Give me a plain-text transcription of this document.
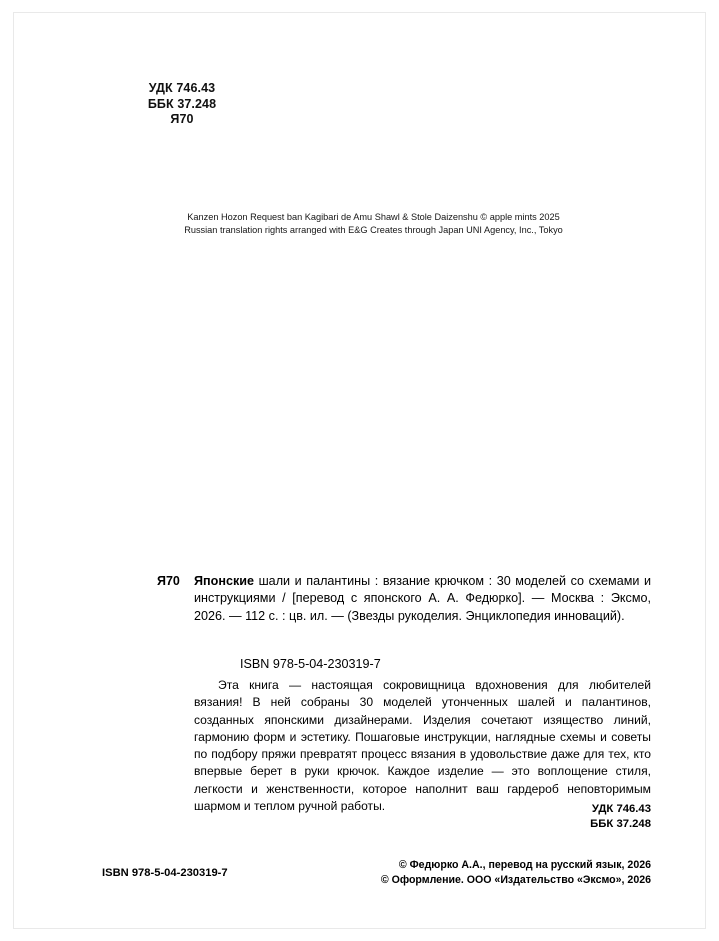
УДК 746.43
ББК 37.248
Я70
Kanzen Hozon Request ban Kagibari de Amu Shawl & Stole Daizenshu © apple mints 2025
Russian translation rights arranged with E&G Creates through Japan UNI Agency, Inc., Tokyo
Я70	Японские шали и палантины : вязание крючком : 30 моделей со схемами и инструкциями / [перевод с японского А. А. Федюрко]. — Москва : Эксмо, 2026. — 112 с. : цв. ил. — (Звезды рукоделия. Энциклопедия инноваций).
ISBN 978-5-04-230319-7
Эта книга — настоящая сокровищница вдохновения для любителей вязания! В ней собраны 30 моделей утонченных шалей и палантинов, созданных японскими дизайнерами. Изделия сочетают изящество линий, гармонию форм и эстетику. Пошаговые инструкции, наглядные схемы и советы по подбору пряжи превратят процесс вязания в удовольствие даже для тех, кто впервые берет в руки крючок. Каждое изделие — это воплощение стиля, легкости и женственности, которое наполнит ваш гардероб неповторимым шармом и теплом ручной работы.	УДК 746.43
ББК 37.248
© Федюрко А.А., перевод на русский язык, 2026
© Оформление. ООО «Издательство «Эксмо», 2026
ISBN 978-5-04-230319-7
